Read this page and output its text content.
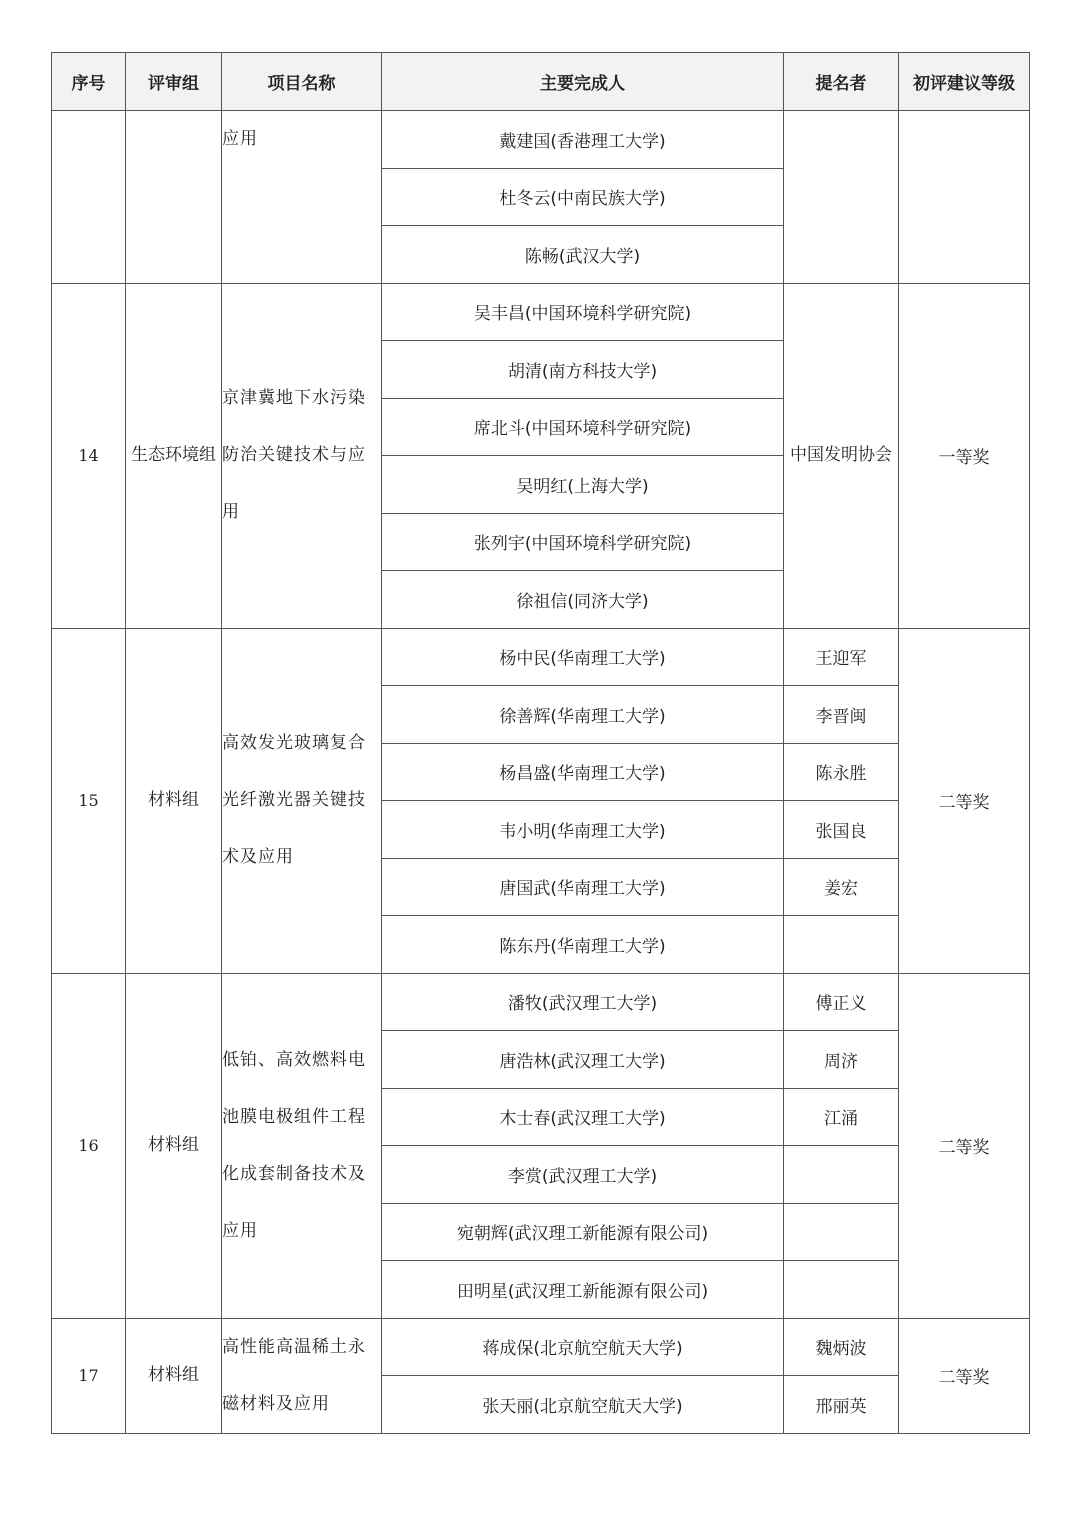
序号	评审组	项目名称	主要完成人	提名者	初评建议等级
		应用	戴建国(香港理工大学)		
			杜冬云(中南民族大学)		
			陈畅(武汉大学)		
14	生态环境组	京津冀地下水污染防治关键技术与应用	吴丰昌(中国环境科学研究院)	中国发明协会	一等奖
			胡清(南方科技大学)		
			席北斗(中国环境科学研究院)		
			吴明红(上海大学)		
			张列宇(中国环境科学研究院)		
			徐祖信(同济大学)		
15	材料组	高效发光玻璃复合光纤激光器关键技术及应用	杨中民(华南理工大学)	王迎军	二等奖
			徐善辉(华南理工大学)	李晋闽	
			杨昌盛(华南理工大学)	陈永胜	
			韦小明(华南理工大学)	张国良	
			唐国武(华南理工大学)	姜宏	
			陈东丹(华南理工大学)		
16	材料组	低铂、高效燃料电池膜电极组件工程化成套制备技术及应用	潘牧(武汉理工大学)	傅正义	二等奖
			唐浩林(武汉理工大学)	周济	
			木士春(武汉理工大学)	江涌	
			李赏(武汉理工大学)		
			宛朝辉(武汉理工新能源有限公司)		
			田明星(武汉理工新能源有限公司)		
17	材料组	高性能高温稀土永磁材料及应用	蒋成保(北京航空航天大学)	魏炳波	二等奖
			张天丽(北京航空航天大学)	邢丽英	
